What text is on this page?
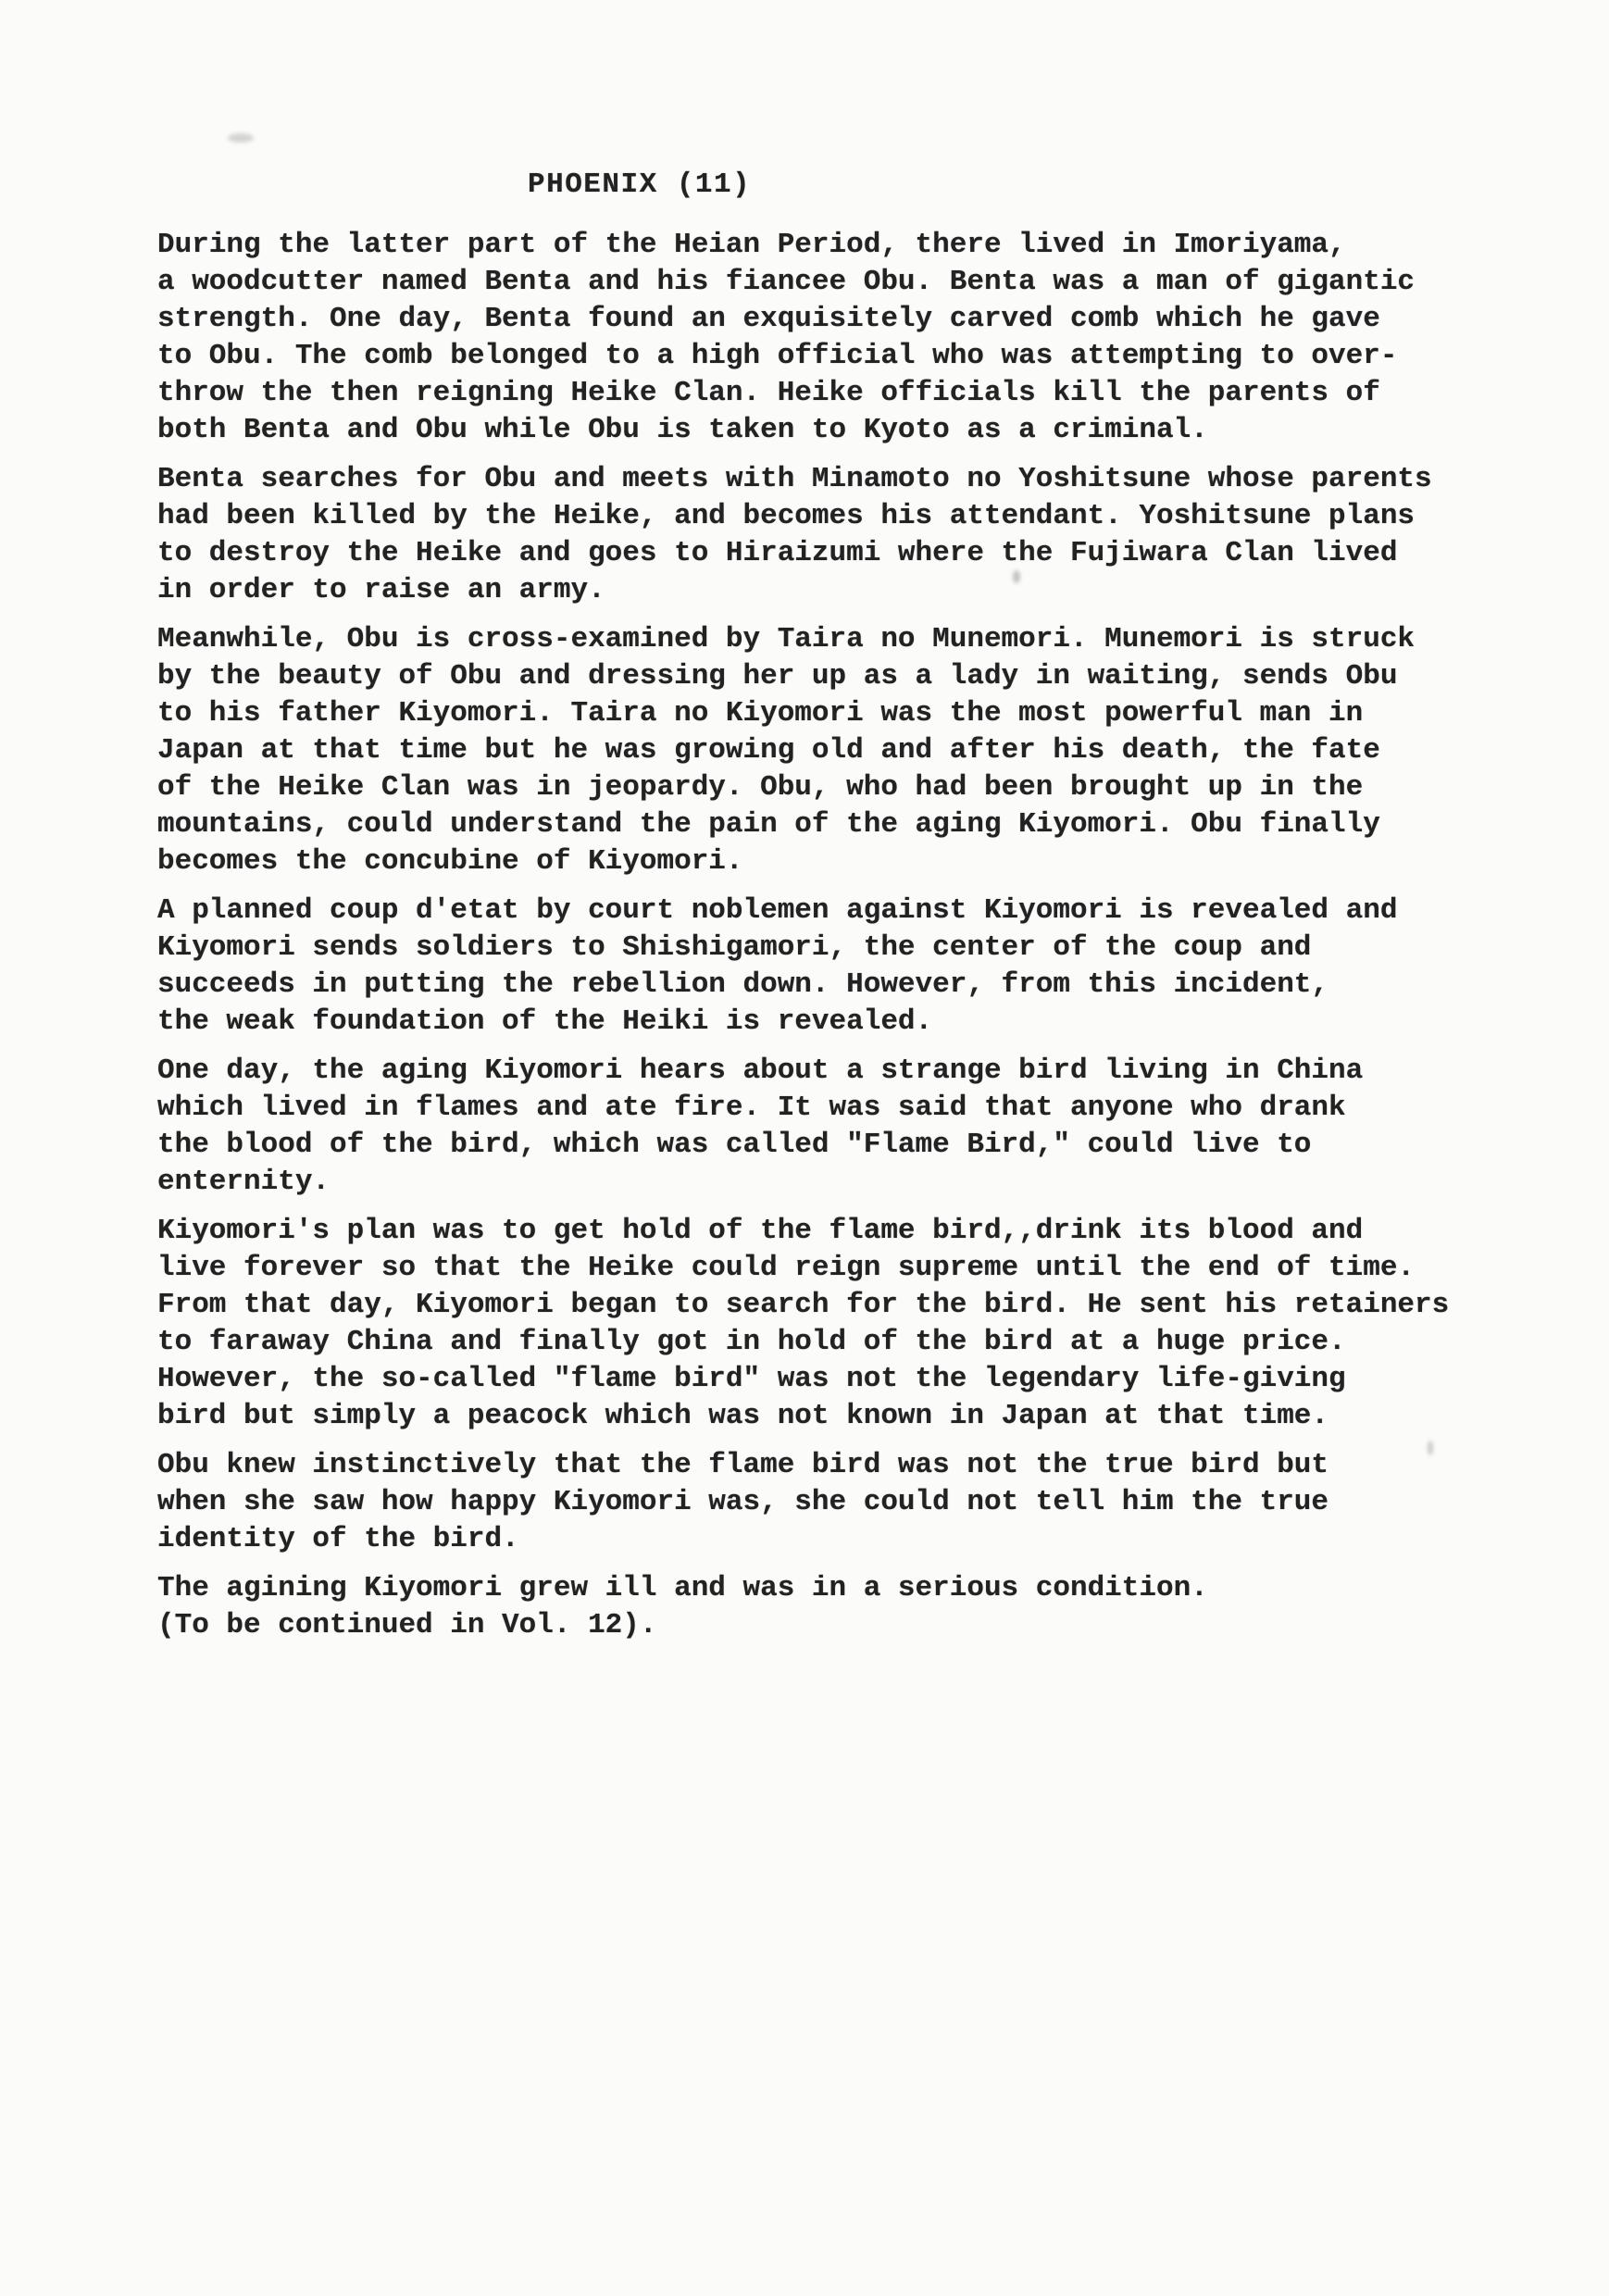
PHOENIX (11)
During the latter part of the Heian Period, there lived in Imoriyama,
a woodcutter named Benta and his fiancee Obu. Benta was a man of gigantic
strength. One day, Benta found an exquisitely carved comb which he gave
to Obu. The comb belonged to a high official who was attempting to over-
throw the then reigning Heike Clan. Heike officials kill the parents of
both Benta and Obu while Obu is taken to Kyoto as a criminal.
Benta searches for Obu and meets with Minamoto no Yoshitsune whose parents
had been killed by the Heike, and becomes his attendant. Yoshitsune plans
to destroy the Heike and goes to Hiraizumi where the Fujiwara Clan lived
in order to raise an army.
Meanwhile, Obu is cross-examined by Taira no Munemori. Munemori is struck
by the beauty of Obu and dressing her up as a lady in waiting, sends Obu
to his father Kiyomori. Taira no Kiyomori was the most powerful man in
Japan at that time but he was growing old and after his death, the fate
of the Heike Clan was in jeopardy. Obu, who had been brought up in the
mountains, could understand the pain of the aging Kiyomori. Obu finally
becomes the concubine of Kiyomori.
A planned coup d'etat by court noblemen against Kiyomori is revealed and
Kiyomori sends soldiers to Shishigamori, the center of the coup and
succeeds in putting the rebellion down. However, from this incident,
the weak foundation of the Heiki is revealed.
One day, the aging Kiyomori hears about a strange bird living in China
which lived in flames and ate fire. It was said that anyone who drank
the blood of the bird, which was called "Flame Bird," could live to
enternity.
Kiyomori's plan was to get hold of the flame bird,,drink its blood and
live forever so that the Heike could reign supreme until the end of time.
From that day, Kiyomori began to search for the bird. He sent his retainers
to faraway China and finally got in hold of the bird at a huge price.
However, the so-called "flame bird" was not the legendary life-giving
bird but simply a peacock which was not known in Japan at that time.
Obu knew instinctively that the flame bird was not the true bird but
when she saw how happy Kiyomori was, she could not tell him the true
identity of the bird.
The agining Kiyomori grew ill and was in a serious condition.
(To be continued in Vol. 12).
